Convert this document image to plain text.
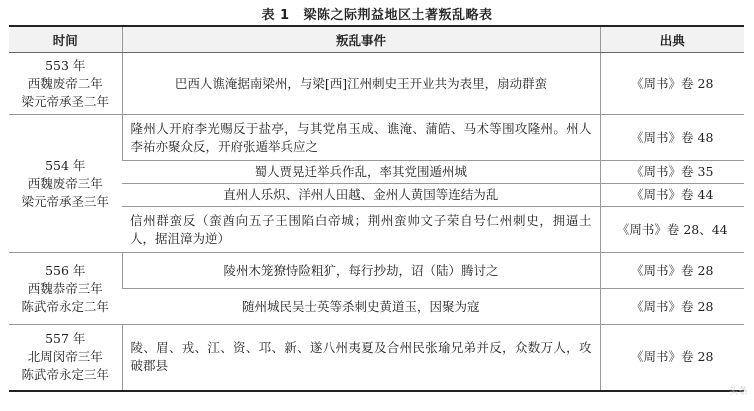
表 1 梁陈之际荆益地区土著叛乱略表
时间	叛乱事件	出典

553 年
西魏废帝二年
梁元帝承圣二年	巴西人谯淹据南梁州，与梁[西]江州刺史王开业共为表里，扇动群蛮	《周书》卷 28

554 年
西魏废帝三年
梁元帝承圣三年	隆州人开府李光赐反于盐亭，与其党帛玉成、谯淹、蒲皓、马术等围攻隆州。州人李祐亦聚众反，开府张遁举兵应之	《周书》卷 48
	蜀人贾晃迁举兵作乱，率其党围遁州城	《周书》卷 35
	直州人乐炽、洋州人田越、金州人黄国等连结为乱	《周书》卷 44
	信州群蛮反（蛮酋向五子王围陷白帝城；荆州蛮帅文子荣自号仁州刺史，拥逼土人，据沮漳为逆）	《周书》卷 28、44

556 年
西魏恭帝三年
陈武帝永定二年	陵州木笼獠恃险粗犷，每行抄劫，诏（陆）腾讨之	《周书》卷 28
	随州城民吴士英等杀刺史黄道玉，因聚为寇	《周书》卷 28

557 年
北周闵帝三年
陈武帝永定三年	陵、眉、戎、江、资、邛、新、遂八州夷夏及合州民张瑜兄弟并反，众数万人，攻破郡县	《周书》卷 28
头条
